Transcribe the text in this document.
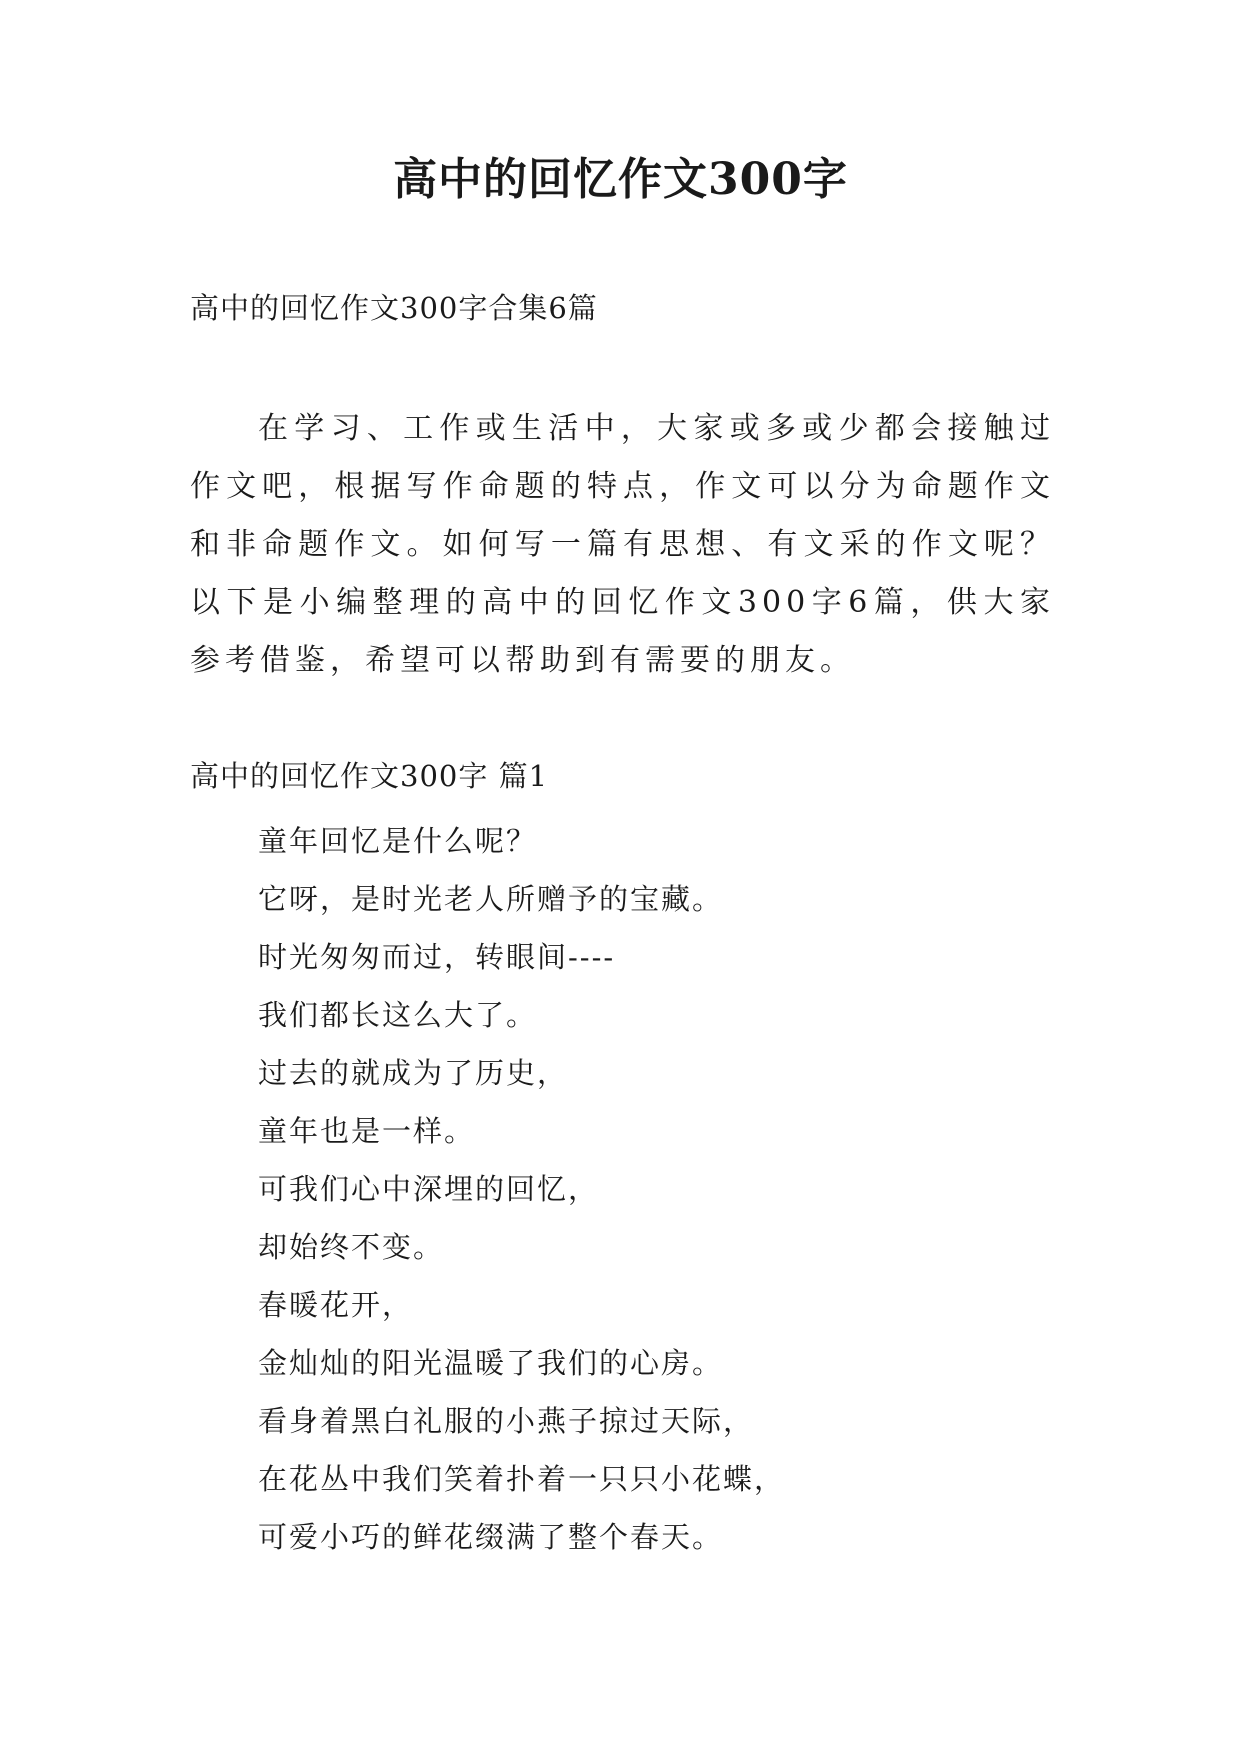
高中的回忆作文300字
高中的回忆作文300字合集6篇
在学习、工作或生活中，大家或多或少都会接触过作文吧，根据写作命题的特点，作文可以分为命题作文和非命题作文。如何写一篇有思想、有文采的作文呢？以下是小编整理的高中的回忆作文300字6篇，供大家参考借鉴，希望可以帮助到有需要的朋友。
高中的回忆作文300字 篇1
童年回忆是什么呢？
它呀，是时光老人所赠予的宝藏。
时光匆匆而过，转眼间----
我们都长这么大了。
过去的就成为了历史，
童年也是一样。
可我们心中深埋的回忆，
却始终不变。
春暖花开，
金灿灿的阳光温暖了我们的心房。
看身着黑白礼服的小燕子掠过天际，
在花丛中我们笑着扑着一只只小花蝶，
可爱小巧的鲜花缀满了整个春天。
